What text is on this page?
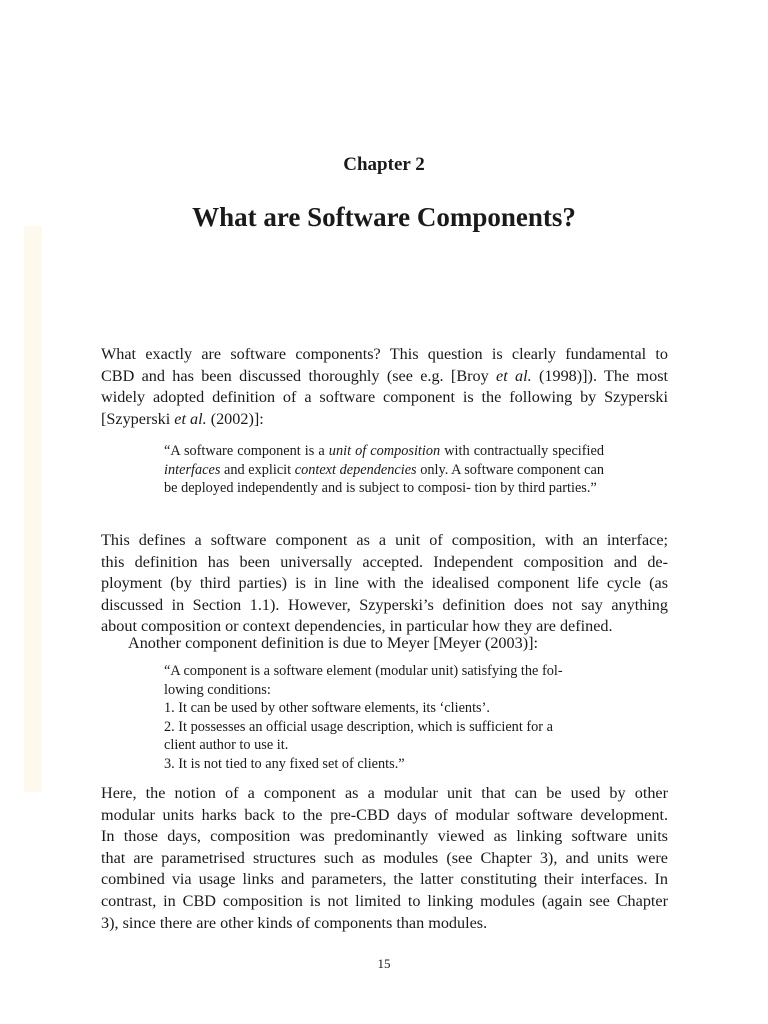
Chapter 2
What are Software Components?

What exactly are software components? This question is clearly fundamental to
CBD and has been discussed thoroughly (see e.g. [Broy et al. (1998)]). The most
widely adopted definition of a software component is the following by Szyperski
[Szyperski et al. (2002)]:

“A software component is a unit of composition with contractually specified interfaces and explicit context dependencies only. A software component can be deployed independently and is subject to composi- tion by third parties.”

This defines a software component as a unit of composition, with an interface;
this definition has been universally accepted. Independent composition and de-
ployment (by third parties) is in line with the idealised component life cycle (as
discussed in Section 1.1). However, Szyperski’s definition does not say anything
about composition or context dependencies, in particular how they are defined.

Another component definition is due to Meyer [Meyer (2003)]:

“A component is a software element (modular unit) satisfying the fol-
lowing conditions:
1. It can be used by other software elements, its ‘clients’.
2. It possesses an official usage description, which is sufficient for a
client author to use it.
3. It is not tied to any fixed set of clients.”

Here, the notion of a component as a modular unit that can be used by other
modular units harks back to the pre-CBD days of modular software development.
In those days, composition was predominantly viewed as linking software units
that are parametrised structures such as modules (see Chapter 3), and units were
combined via usage links and parameters, the latter constituting their interfaces. In
contrast, in CBD composition is not limited to linking modules (again see Chapter
3), since there are other kinds of components than modules.

15
